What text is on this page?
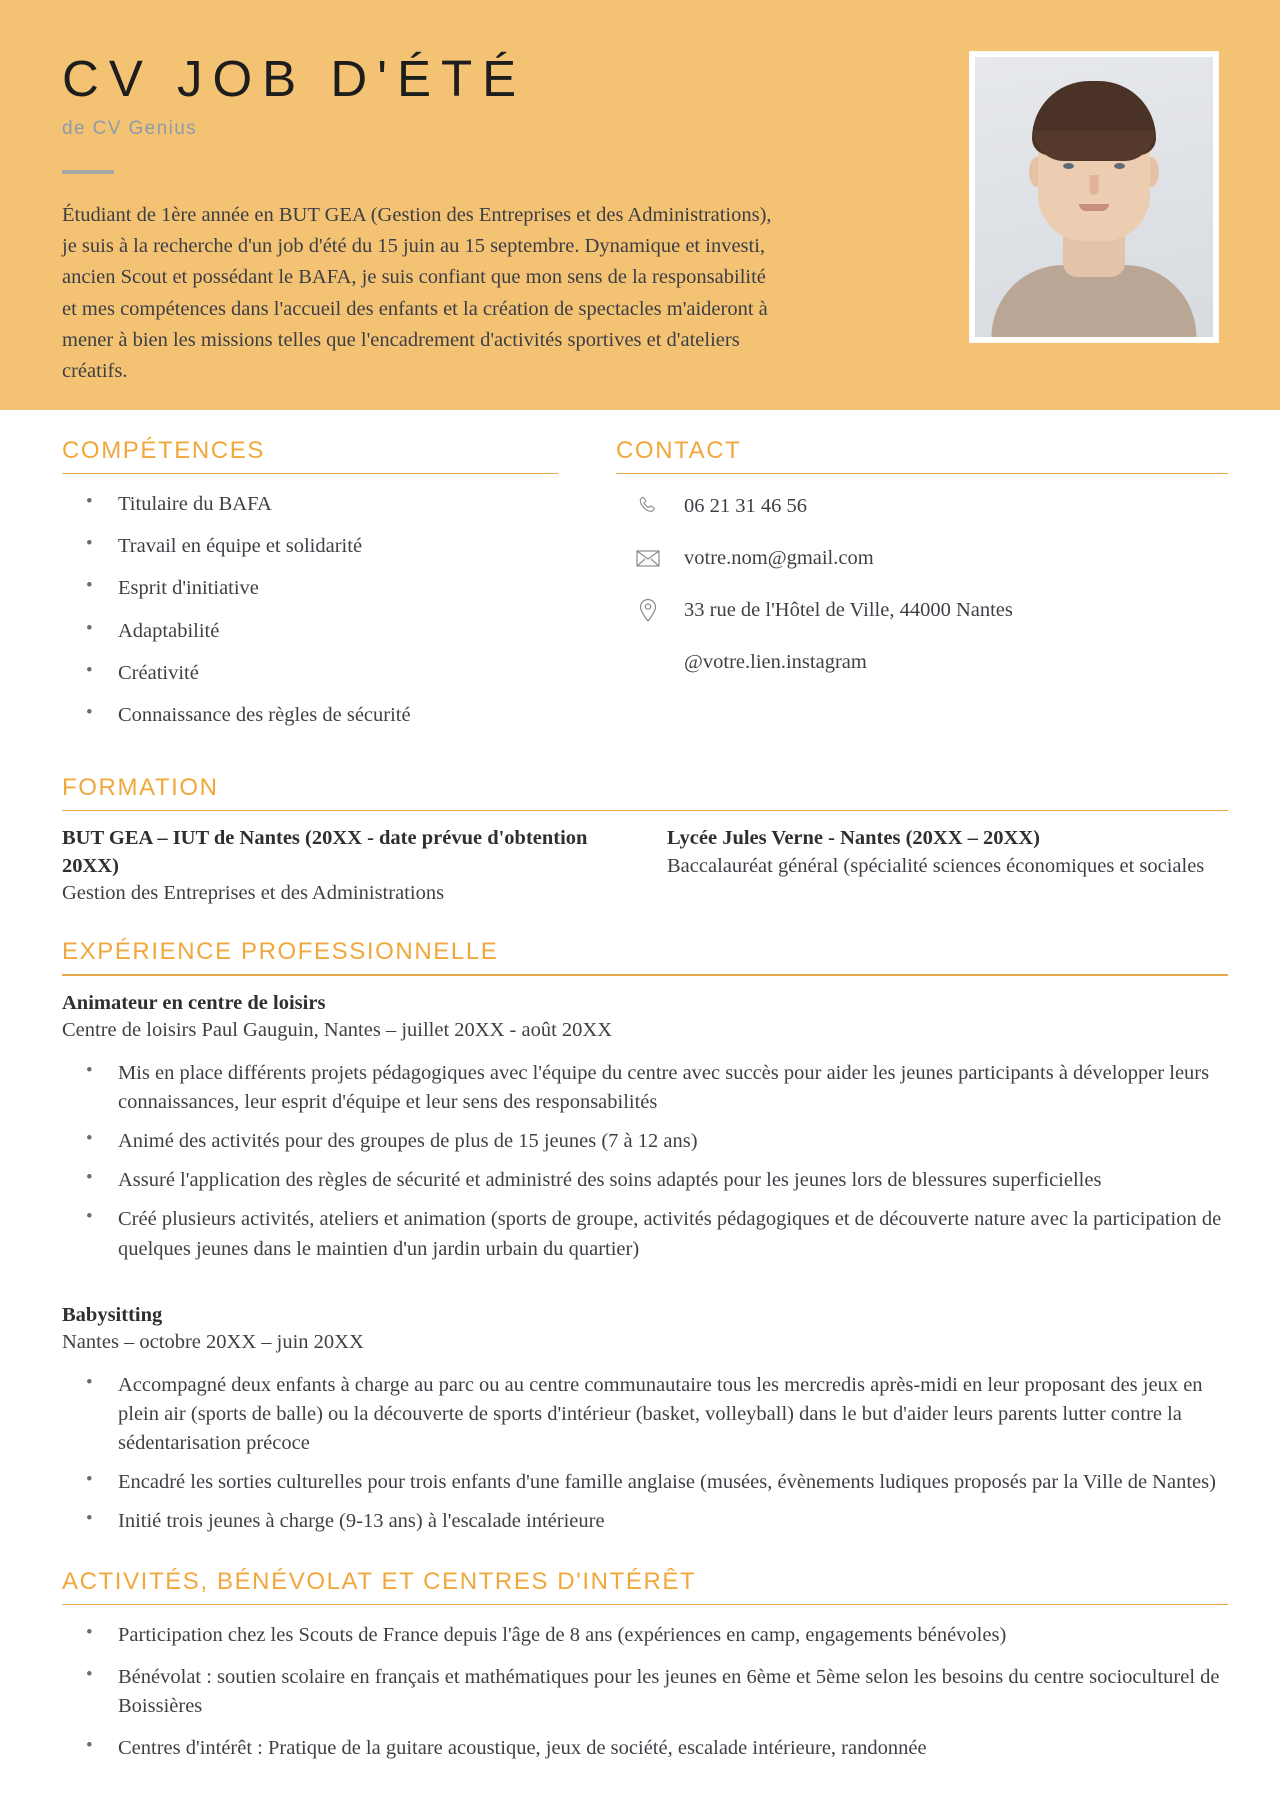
CV JOB D'ÉTÉ
de CV Genius
Étudiant de 1ère année en BUT GEA (Gestion des Entreprises et des Administrations), je suis à la recherche d'un job d'été du 15 juin au 15 septembre. Dynamique et investi, ancien Scout et possédant le BAFA, je suis confiant que mon sens de la responsabilité et mes compétences dans l'accueil des enfants et la création de spectacles m'aideront à mener à bien les missions telles que l'encadrement d'activités sportives et d'ateliers créatifs.
COMPÉTENCES
• Titulaire du BAFA
• Travail en équipe et solidarité
• Esprit d'initiative
• Adaptabilité
• Créativité
• Connaissance des règles de sécurité
CONTACT
06 21 31 46 56
votre.nom@gmail.com
33 rue de l'Hôtel de Ville, 44000 Nantes
@votre.lien.instagram
FORMATION
BUT GEA – IUT de Nantes (20XX - date prévue d'obtention 20XX)
Gestion des Entreprises et des Administrations
Lycée Jules Verne - Nantes (20XX – 20XX)
Baccalauréat général (spécialité sciences économiques et sociales
EXPÉRIENCE PROFESSIONNELLE
Animateur en centre de loisirs
Centre de loisirs Paul Gauguin, Nantes – juillet 20XX - août 20XX
• Mis en place différents projets pédagogiques avec l'équipe du centre avec succès pour aider les jeunes participants à développer leurs connaissances, leur esprit d'équipe et leur sens des responsabilités
• Animé des activités pour des groupes de plus de 15 jeunes (7 à 12 ans)
• Assuré l'application des règles de sécurité et administré des soins adaptés pour les jeunes lors de blessures superficielles
• Créé plusieurs activités, ateliers et animation (sports de groupe, activités pédagogiques et de découverte nature avec la participation de quelques jeunes dans le maintien d'un jardin urbain du quartier)
Babysitting
Nantes – octobre 20XX – juin 20XX
• Accompagné deux enfants à charge au parc ou au centre communautaire tous les mercredis après-midi en leur proposant des jeux en plein air (sports de balle) ou la découverte de sports d'intérieur (basket, volleyball) dans le but d'aider leurs parents lutter contre la sédentarisation précoce
• Encadré les sorties culturelles pour trois enfants d'une famille anglaise (musées, évènements ludiques proposés par la Ville de Nantes)
• Initié trois jeunes à charge (9-13 ans) à l'escalade intérieure
ACTIVITÉS, BÉNÉVOLAT ET CENTRES D'INTÉRÊT
• Participation chez les Scouts de France depuis l'âge de 8 ans (expériences en camp, engagements bénévoles)
• Bénévolat : soutien scolaire en français et mathématiques pour les jeunes en 6ème et 5ème selon les besoins du centre socioculturel de Boissières
• Centres d'intérêt : Pratique de la guitare acoustique, jeux de société, escalade intérieure, randonnée
